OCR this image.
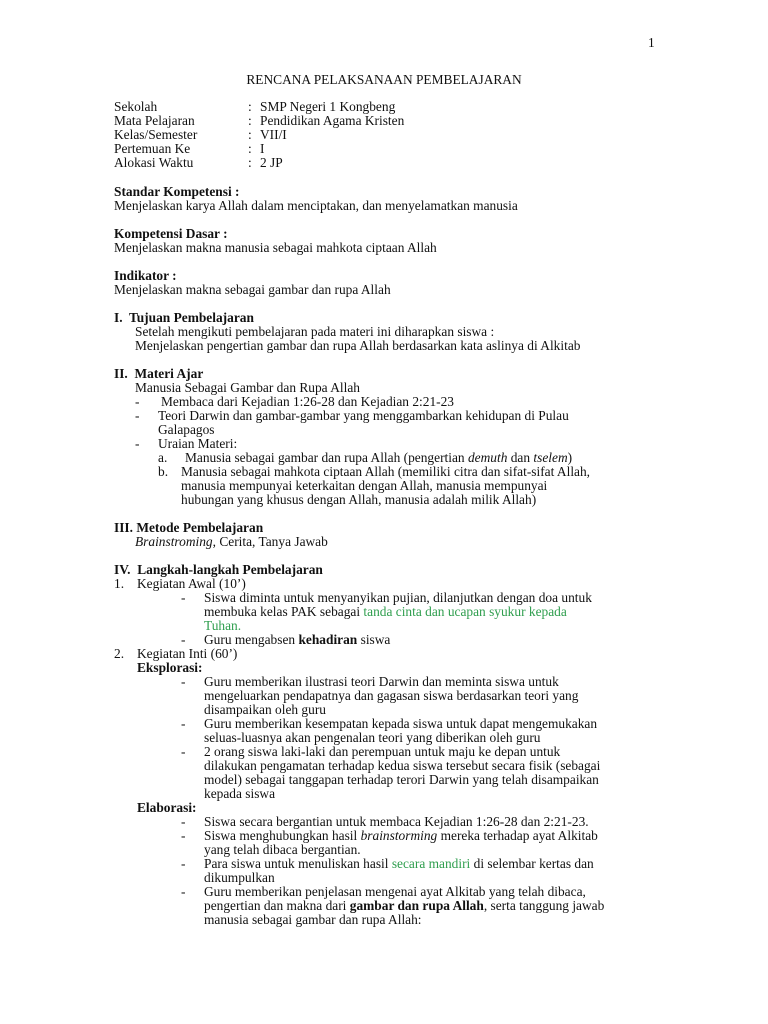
1
RENCANA PELAKSANAAN PEMBELAJARAN
Sekolah	: SMP Negeri 1 Kongbeng
Mata Pelajaran	: Pendidikan Agama Kristen
Kelas/Semester	: VII/I
Pertemuan Ke	: I
Alokasi Waktu	: 2 JP
Standar Kompetensi :
Menjelaskan karya Allah dalam menciptakan, dan menyelamatkan manusia
Kompetensi Dasar :
Menjelaskan makna manusia sebagai mahkota ciptaan Allah
Indikator :
Menjelaskan makna sebagai gambar dan rupa Allah
I. Tujuan Pembelajaran
Setelah mengikuti pembelajaran pada materi ini diharapkan siswa :
Menjelaskan pengertian gambar dan rupa Allah berdasarkan kata aslinya di Alkitab
II. Materi Ajar
Manusia Sebagai Gambar dan Rupa Allah
- Membaca dari Kejadian 1:26-28 dan Kejadian 2:21-23
- Teori Darwin dan gambar-gambar yang menggambarkan kehidupan di Pulau
Galapagos
- Uraian Materi:
a.	Manusia sebagai gambar dan rupa Allah (pengertian demuth dan tselem)
b. Manusia sebagai mahkota ciptaan Allah (memiliki citra dan sifat-sifat Allah,
manusia mempunyai keterkaitan dengan Allah, manusia mempunyai
hubungan yang khusus dengan Allah, manusia adalah milik Allah)
III. Metode Pembelajaran
Brainstroming, Cerita, Tanya Jawab
IV. Langkah-langkah Pembelajaran
1. Kegiatan Awal (10’)
- Siswa diminta untuk menyanyikan pujian, dilanjutkan dengan doa untuk
membuka kelas PAK sebagai tanda cinta dan ucapan syukur kepada
Tuhan.
- Guru mengabsen kehadiran siswa
2. Kegiatan Inti (60’)
Eksplorasi:
- Guru memberikan ilustrasi teori Darwin dan meminta siswa untuk
mengeluarkan pendapatnya dan gagasan siswa berdasarkan teori yang
disampaikan oleh guru
- Guru memberikan kesempatan kepada siswa untuk dapat mengemukakan
seluas-luasnya akan pengenalan teori yang diberikan oleh guru
- 2 orang siswa laki-laki dan perempuan untuk maju ke depan untuk
dilakukan pengamatan terhadap kedua siswa tersebut secara fisik (sebagai
model) sebagai tanggapan terhadap terori Darwin yang telah disampaikan
kepada siswa
Elaborasi:
- Siswa secara bergantian untuk membaca Kejadian 1:26-28 dan 2:21-23.
- Siswa menghubungkan hasil brainstorming mereka terhadap ayat Alkitab
yang telah dibaca bergantian.
- Para siswa untuk menuliskan hasil secara mandiri di selembar kertas dan
dikumpulkan
- Guru memberikan penjelasan mengenai ayat Alkitab yang telah dibaca,
pengertian dan makna dari gambar dan rupa Allah, serta tanggung jawab
manusia sebagai gambar dan rupa Allah:
